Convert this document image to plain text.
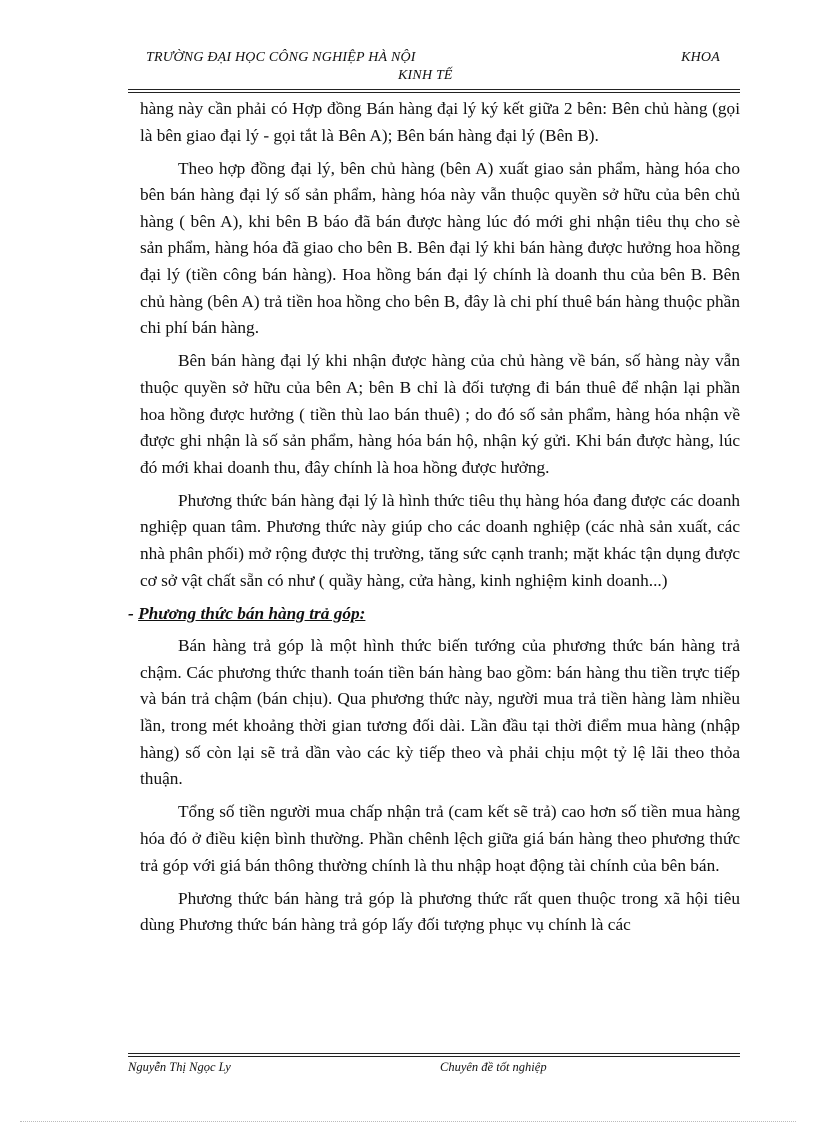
TRƯỜNG ĐẠI HỌC CÔNG NGHIỆP HÀ NỘI	KHOA
KINH TẾ

hàng này cần phải có Hợp đồng Bán hàng đại lý ký kết giữa 2 bên: Bên chủ hàng (gọi là bên giao đại lý - gọi tắt là Bên A); Bên bán hàng đại lý (Bên B).

Theo hợp đồng đại lý, bên chủ hàng (bên A) xuất giao sản phẩm, hàng hóa cho bên bán hàng đại lý số sản phẩm, hàng hóa này vẫn thuộc quyền sở hữu của bên chủ hàng ( bên A), khi bên B báo đã bán được hàng lúc đó mới ghi nhận tiêu thụ cho sè sản phẩm, hàng hóa đã giao cho bên B. Bên đại lý khi bán hàng được hưởng hoa hồng đại lý (tiền công bán hàng). Hoa hồng bán đại lý chính là doanh thu của bên B. Bên chủ hàng (bên A) trả tiền hoa hồng cho bên B, đây là chi phí thuê bán hàng thuộc phần chi phí bán hàng.

Bên bán hàng đại lý khi nhận được hàng của chủ hàng về bán, số hàng này vẫn thuộc quyền sở hữu của bên A; bên B chỉ là đối tượng đi bán thuê để nhận lại phần hoa hồng được hưởng ( tiền thù lao bán thuê) ; do đó số sản phẩm, hàng hóa nhận về được ghi nhận là số sản phẩm, hàng hóa bán hộ, nhận ký gửi. Khi bán được hàng, lúc đó mới khai doanh thu, đây chính là hoa hồng được hưởng.

Phương thức bán hàng đại lý là hình thức tiêu thụ hàng hóa đang được các doanh nghiệp quan tâm. Phương thức này giúp cho các doanh nghiệp (các nhà sản xuất, các nhà phân phối) mở rộng được thị trường, tăng sức cạnh tranh; mặt khác tận dụng được cơ sở vật chất sẵn có như ( quầy hàng, cửa hàng, kinh nghiệm kinh doanh...)

- Phương thức bán hàng trả góp:

Bán hàng trả góp là một hình thức biến tướng của phương thức bán hàng trả chậm. Các phương thức thanh toán tiền bán hàng bao gồm: bán hàng thu tiền trực tiếp và bán trả chậm (bán chịu). Qua phương thức này, người mua trả tiền hàng làm nhiều lần, trong mét khoảng thời gian tương đối dài. Lần đầu tại thời điểm mua hàng (nhập hàng) số còn lại sẽ trả dần vào các kỳ tiếp theo và phải chịu một tỷ lệ lãi theo thỏa thuận.

Tổng số tiền người mua chấp nhận trả (cam kết sẽ trả) cao hơn số tiền mua hàng hóa đó ở điều kiện bình thường. Phần chênh lệch giữa giá bán hàng theo phương thức trả góp với giá bán thông thường chính là thu nhập hoạt động tài chính của bên bán.

Phương thức bán hàng trả góp là phương thức rất quen thuộc trong xã hội tiêu dùng Phương thức bán hàng trả góp lấy đối tượng phục vụ chính là các

Nguyễn Thị Ngọc Ly	Chuyên đề tốt nghiệp
